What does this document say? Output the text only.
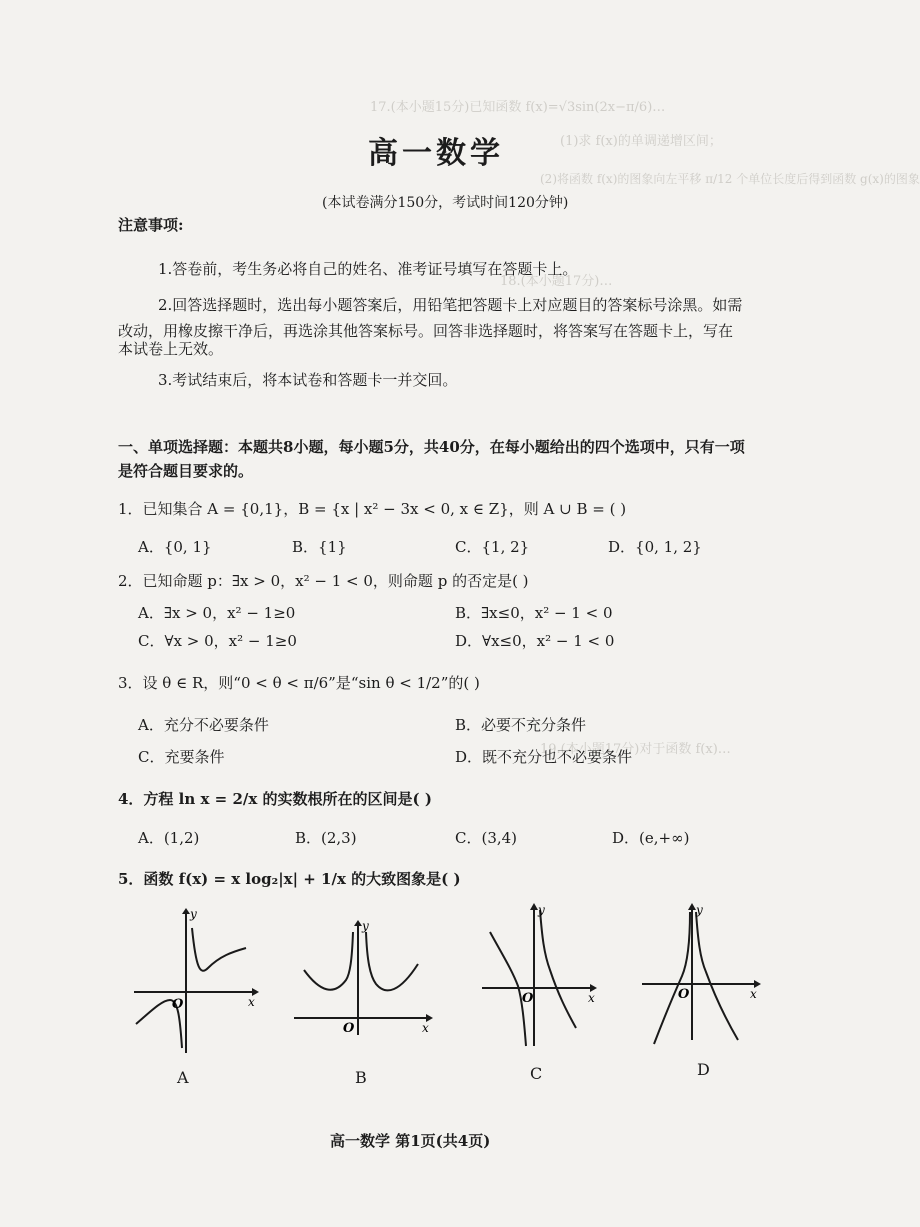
17.(本小题15分)已知函数 f(x)=√3sin(2x−π/6)…
(1)求 f(x)的单调递增区间；
(2)将函数 f(x)的图象向左平移 π/12 个单位长度后得到函数 g(x)的图象
18.(本小题17分)…
19.(本小题17分)对于函数 f(x)…
高一数学
(本试卷满分150分，考试时间120分钟)
注意事项:
1.答卷前，考生务必将自己的姓名、准考证号填写在答题卡上。
2.回答选择题时，选出每小题答案后，用铅笔把答题卡上对应题目的答案标号涂黑。如需
改动，用橡皮擦干净后，再选涂其他答案标号。回答非选择题时，将答案写在答题卡上，写在
本试卷上无效。
3.考试结束后，将本试卷和答题卡一并交回。
一、单项选择题：本题共8小题，每小题5分，共40分，在每小题给出的四个选项中，只有一项
是符合题目要求的。
1．已知集合 A = {0,1}，B = {x | x² − 3x < 0, x ∈ Z}，则 A ∪ B = ( )
A．{0, 1}	B．{1}	C．{1, 2}	D．{0, 1, 2}
2．已知命题 p：∃x > 0，x² − 1 < 0，则命题 p 的否定是( )
A．∃x > 0，x² − 1≥0	B．∃x≤0，x² − 1 < 0
C．∀x > 0，x² − 1≥0	D．∀x≤0，x² − 1 < 0
3．设 θ ∈ R，则“0 < θ < π/6”是“sin θ < 1/2”的( )
A．充分不必要条件	B．必要不充分条件
C．充要条件	D．既不充分也不必要条件
4．方程 ln x = 2/x 的实数根所在的区间是( )
A．(1,2)	B．(2,3)	C．(3,4)	D．(e,+∞)
5．函数 f(x) = x log₂|x| + 1/x 的大致图象是( )
O	x
y
A
O	x
y
B
O	x
y
C
O	x
y
D
高一数学 第1页(共4页)
